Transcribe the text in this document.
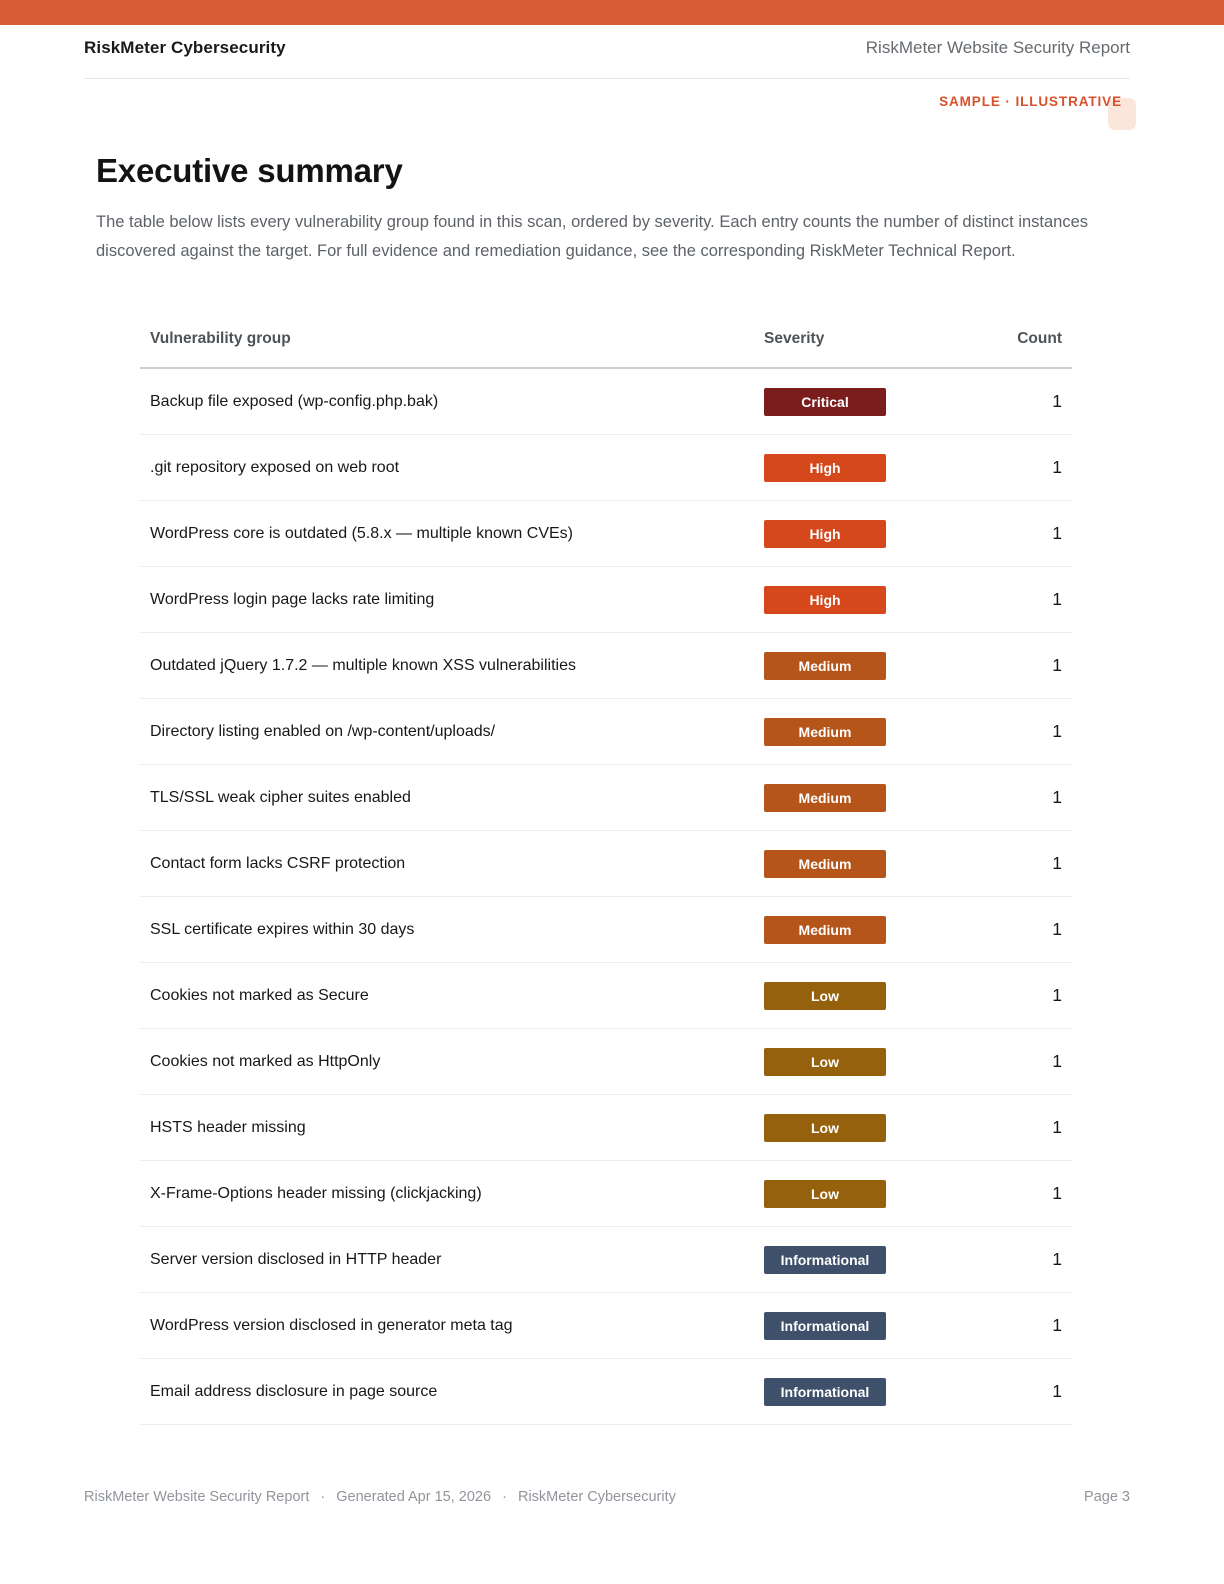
RiskMeter Cybersecurity	RiskMeter Website Security Report
SAMPLE · ILLUSTRATIVE
Executive summary

The table below lists every vulnerability group found in this scan, ordered by severity. Each entry counts the number of distinct instances discovered against the target. For full evidence and remediation guidance, see the corresponding RiskMeter Technical Report.

Vulnerability group	Severity	Count
Backup file exposed (wp-config.php.bak)	Critical	1
.git repository exposed on web root	High	1
WordPress core is outdated (5.8.x — multiple known CVEs)	High	1
WordPress login page lacks rate limiting	High	1
Outdated jQuery 1.7.2 — multiple known XSS vulnerabilities	Medium	1
Directory listing enabled on /wp-content/uploads/	Medium	1
TLS/SSL weak cipher suites enabled	Medium	1
Contact form lacks CSRF protection	Medium	1
SSL certificate expires within 30 days	Medium	1
Cookies not marked as Secure	Low	1
Cookies not marked as HttpOnly	Low	1
HSTS header missing	Low	1
X-Frame-Options header missing (clickjacking)	Low	1
Server version disclosed in HTTP header	Informational	1
WordPress version disclosed in generator meta tag	Informational	1
Email address disclosure in page source	Informational	1
RiskMeter Website Security Report · Generated Apr 15, 2026 · RiskMeter Cybersecurity	Page 3
